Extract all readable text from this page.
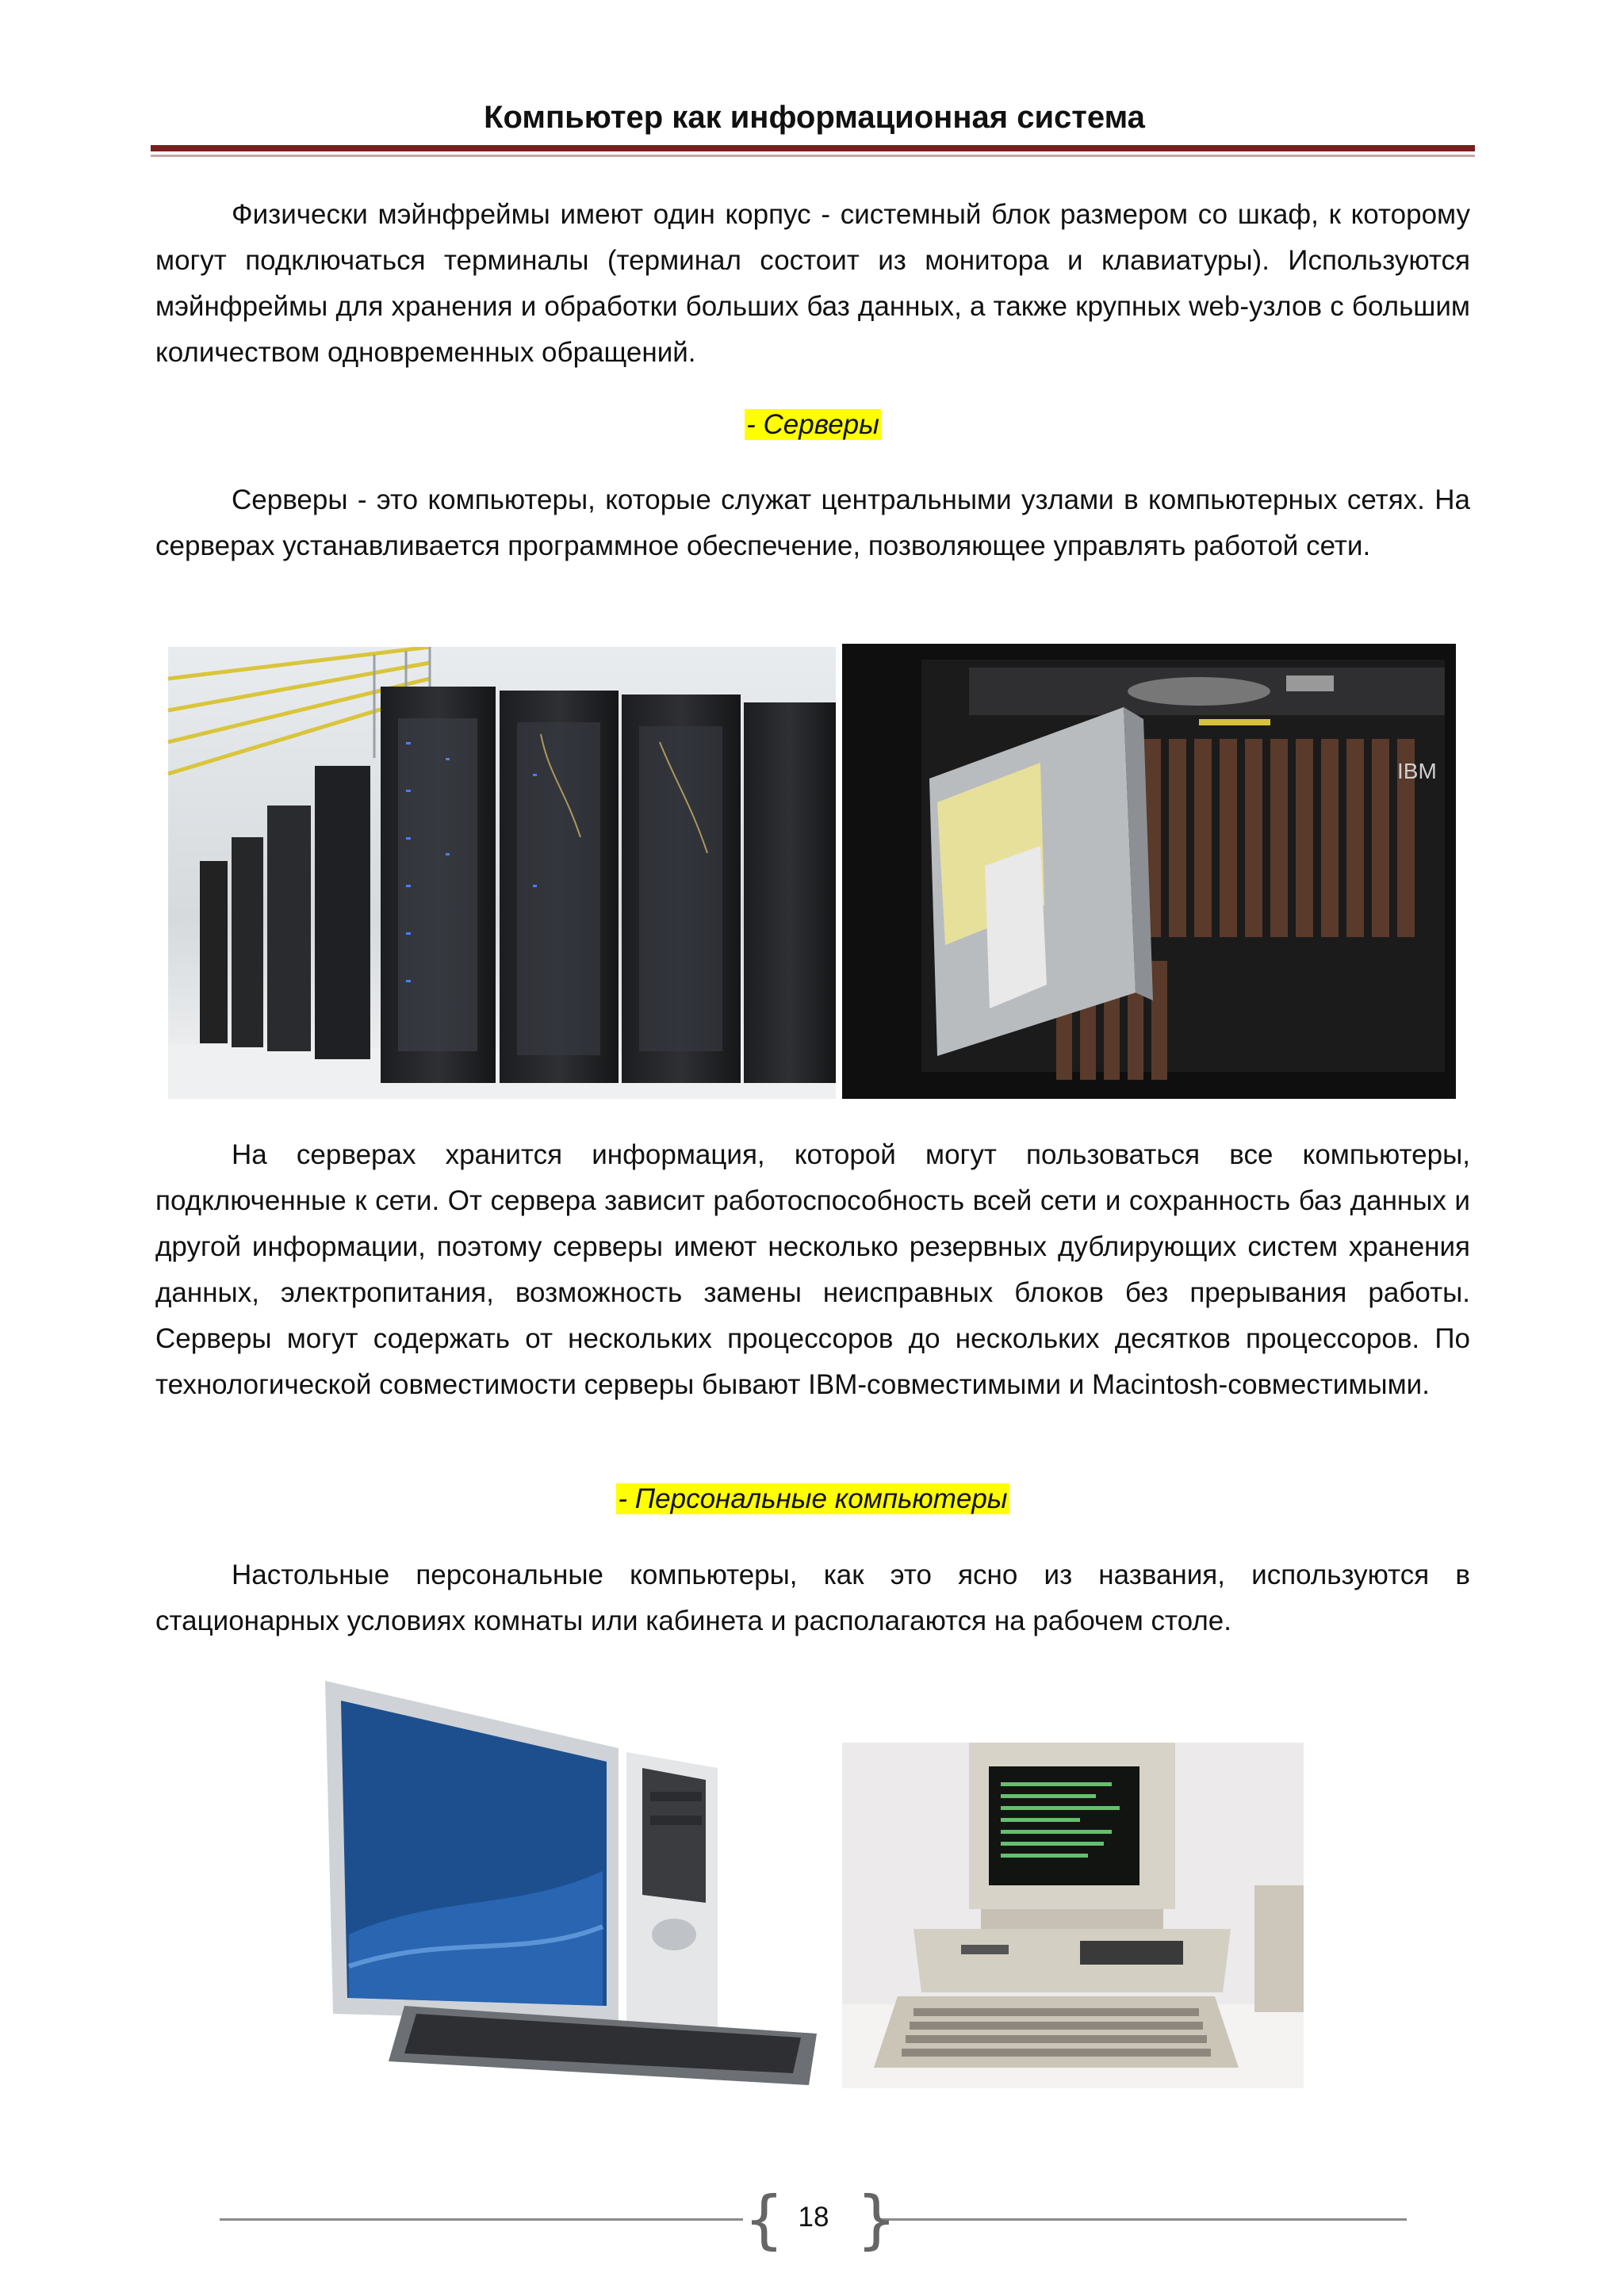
Компьютер как информационная система

Физически мэйнфреймы имеют один корпус - системный блок размером со шкаф, к которому могут подключаться терминалы (терминал состоит из монитора и клавиатуры). Используются мэйнфреймы для хранения и обработки больших баз данных, а также крупных web-узлов с большим количеством одновременных обращений.

- Серверы

Серверы - это компьютеры, которые служат центральными узлами в компьютерных сетях. На серверах устанавливается программное обеспечение, позволяющее управлять работой сети.

IBM

На серверах хранится информация, которой могут пользоваться все компьютеры, подключенные к сети. От сервера зависит работоспособность всей сети и сохранность баз данных и другой информации, поэтому серверы имеют несколько резервных дублирующих систем хранения данных, электропитания, возможность замены неисправных блоков без прерывания работы. Серверы могут содержать от нескольких процессоров до нескольких десятков процессоров. По технологической совместимости серверы бывают IBM-совместимыми и Macintosh-совместимыми.

- Персональные компьютеры

Настольные персональные компьютеры, как это ясно из названия, используются в стационарных условиях комнаты или кабинета и располагаются на рабочем столе.

{ }
18
